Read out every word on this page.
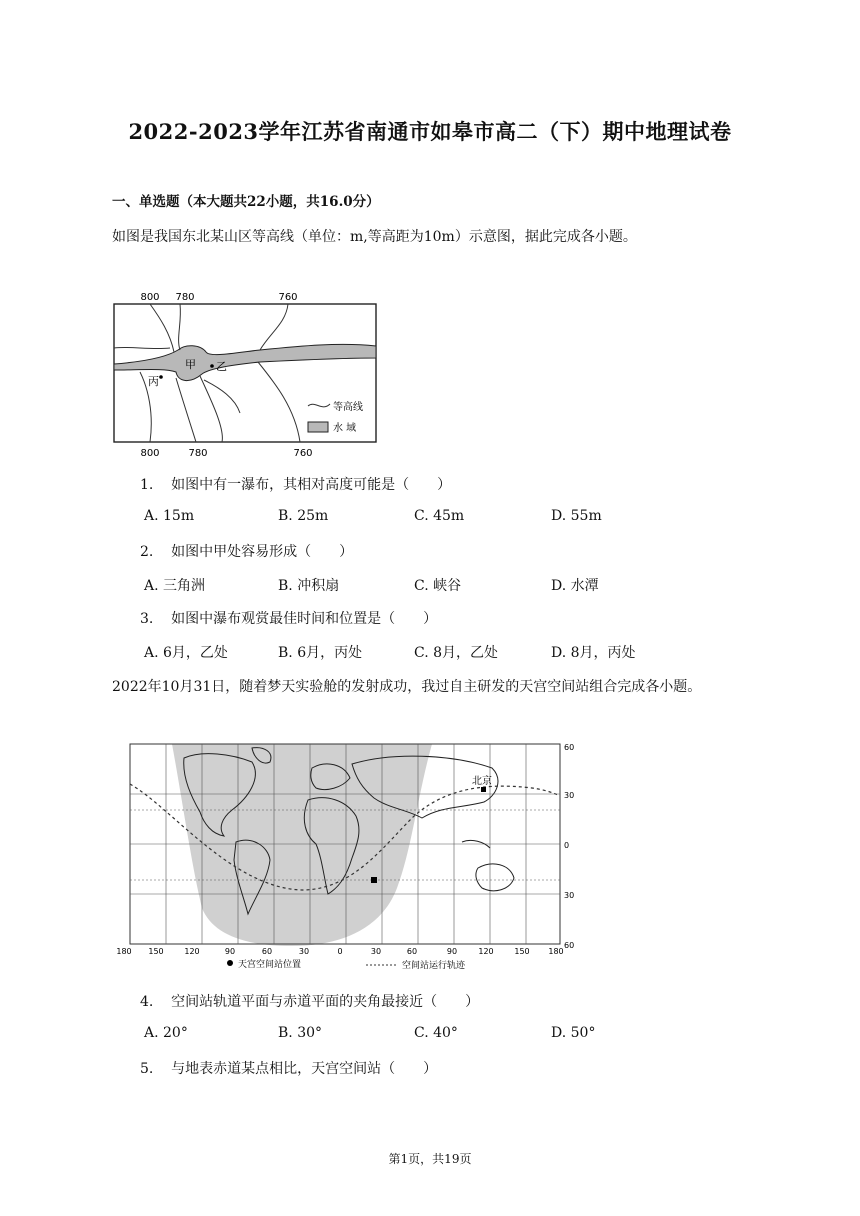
2022-2023学年江苏省南通市如皋市高二（下）期中地理试卷
一、单选题（本大题共22小题，共16.0分）
如图是我国东北某山区等高线（单位：m,等高距为10m）示意图，据此完成各小题。
800 780	760
800	780	760
甲 乙
丙
等高线
水 域
1. 如图中有一瀑布，其相对高度可能是（　　）
A. 15m	B. 25m	C. 45m	D. 55m
2. 如图中甲处容易形成（　　）
A. 三角洲	B. 冲积扇	C. 峡谷	D. 水潭
3. 如图中瀑布观赏最佳时间和位置是（　　）
A. 6月，乙处	B. 6月，丙处	C. 8月，乙处	D. 8月，丙处
2022年10月31日，随着梦天实验舱的发射成功，我过自主研发的天宫空间站组合完成各小题。
北京
60
30
0
30
60
180 150	120	90	60	30	0	30	60	90	120	150 180
天宫空间站位置	空间站运行轨迹
4. 空间站轨道平面与赤道平面的夹角最接近（　　）
A. 20°	B. 30°	C. 40°	D. 50°
5. 与地表赤道某点相比，天宫空间站（　　）
第1页，共19页
